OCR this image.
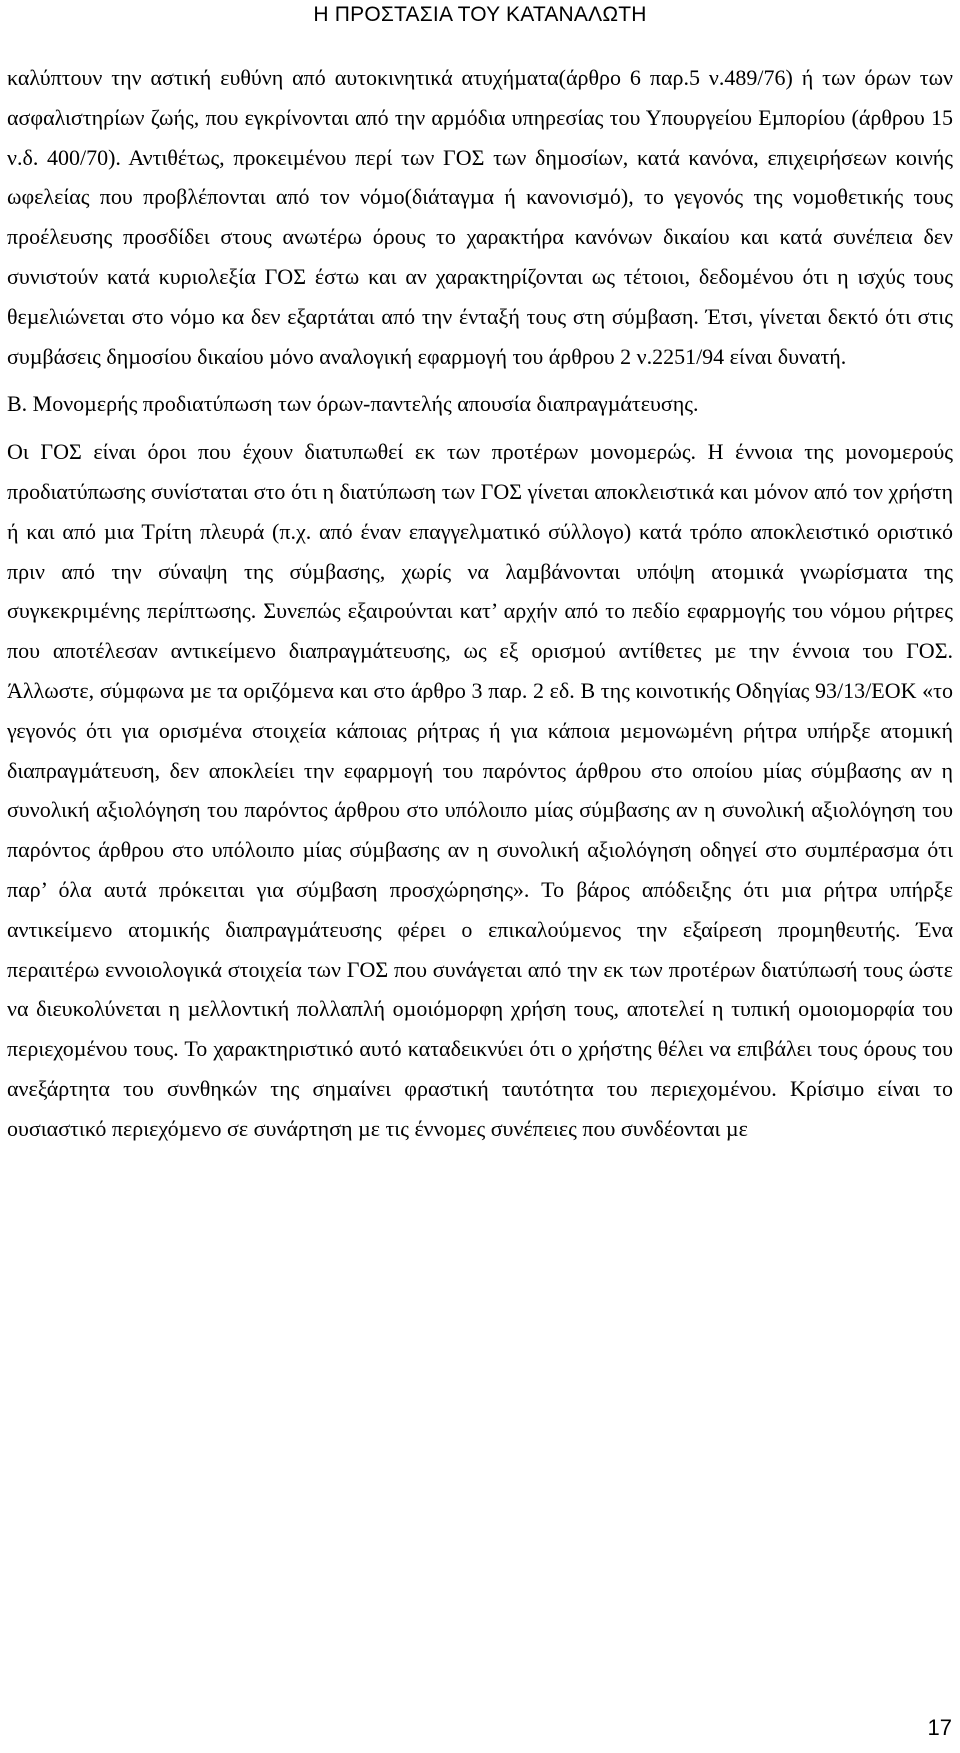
Η ΠΡΟΣΤΑΣΙΑ ΤΟΥ ΚΑΤΑΝΑΛΩΤΗ

καλύπτουν την αστική ευθύνη από αυτοκινητικά ατυχήµατα(άρθρο 6 παρ.5 ν.489/76) ή των όρων των ασφαλιστηρίων ζωής, που εγκρίνονται από την αρµόδια υπηρεσίας του Υπουργείου Εµπορίου (άρθρου 15 ν.δ. 400/70). Αντιθέτως, προκειµένου περί των ΓΟΣ των δηµοσίων, κατά κανόνα, επιχειρήσεων κοινής ωφελείας που προβλέπονται από τον νόµο(διάταγµα ή κανονισµό), το γεγονός της νοµοθετικής τους προέλευσης προσδίδει στους ανωτέρω όρους το χαρακτήρα κανόνων δικαίου και κατά συνέπεια δεν συνιστούν κατά κυριολεξία ΓΟΣ έστω και αν χαρακτηρίζονται ως τέτοιοι, δεδοµένου ότι η ισχύς τους θεµελιώνεται στο νόµο κα δεν εξαρτάται από την ένταξή τους στη σύµβαση. Έτσι, γίνεται δεκτό ότι στις συµβάσεις δηµοσίου δικαίου µόνο αναλογική εφαρµογή του άρθρου 2 ν.2251/94 είναι δυνατή.

Β. Μονοµερής προδιατύπωση των όρων-παντελής απουσία διαπραγµάτευσης.

Οι ΓΟΣ είναι όροι που έχουν διατυπωθεί εκ των προτέρων µονοµερώς. Η έννοια της µονοµερούς προδιατύπωσης συνίσταται στο ότι η διατύπωση των ΓΟΣ γίνεται αποκλειστικά και µόνον από τον χρήστη ή και από µια Τρίτη πλευρά (π.χ. από έναν επαγγελµατικό σύλλογο) κατά τρόπο αποκλειστικό οριστικό πριν από την σύναψη της σύµβασης, χωρίς να λαµβάνονται υπόψη ατοµικά γνωρίσµατα της συγκεκριµένης περίπτωσης. Συνεπώς εξαιρούνται κατ’ αρχήν από το πεδίο εφαρµογής του νόµου ρήτρες που αποτέλεσαν αντικείµενο διαπραγµάτευσης, ως εξ ορισµού αντίθετες µε την έννοια του ΓΟΣ. Άλλωστε, σύµφωνα µε τα οριζόµενα και στο άρθρο 3 παρ. 2 εδ. Β της κοινοτικής Οδηγίας 93/13/ΕΟΚ «το γεγονός ότι για ορισµένα στοιχεία κάποιας ρήτρας ή για κάποια µεµονωµένη ρήτρα υπήρξε ατοµική διαπραγµάτευση, δεν αποκλείει την εφαρµογή του παρόντος άρθρου στο οποίου µίας σύµβασης αν η συνολική αξιολόγηση του παρόντος άρθρου στο υπόλοιπο µίας σύµβασης αν η συνολική αξιολόγηση του παρόντος άρθρου στο υπόλοιπο µίας σύµβασης αν η συνολική αξιολόγηση οδηγεί στο συµπέρασµα ότι παρ’ όλα αυτά πρόκειται για σύµβαση προσχώρησης». Το βάρος απόδειξης ότι µια ρήτρα υπήρξε αντικείµενο ατοµικής διαπραγµάτευσης φέρει ο επικαλούµενος την εξαίρεση προµηθευτής. Ένα περαιτέρω εννοιολογικά στοιχεία των ΓΟΣ που συνάγεται από την εκ των προτέρων διατύπωσή τους ώστε να διευκολύνεται η µελλοντική πολλαπλή οµοιόµορφη χρήση τους, αποτελεί η τυπική οµοιοµορφία του περιεχοµένου τους. Το χαρακτηριστικό αυτό καταδεικνύει ότι ο χρήστης θέλει να επιβάλει τους όρους του ανεξάρτητα του συνθηκών της σηµαίνει φραστική ταυτότητα του περιεχοµένου. Κρίσιµο είναι το ουσιαστικό περιεχόµενο σε συνάρτηση µε τις έννοµες συνέπειες που συνδέονται µε

17
